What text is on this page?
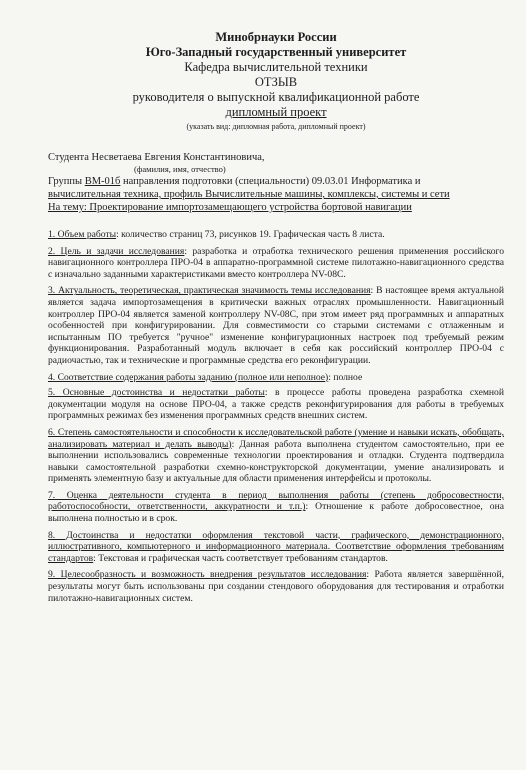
Минобрнауки России
Юго-Западный государственный университет
Кафедра вычислительной техники
ОТЗЫВ
руководителя о выпускной квалификационной работе
дипломный проект
(указать вид: дипломная работа, дипломный проект)

Студента Несветаева Евгения Константиновича,

(фамилия, имя, отчество)

Группы ВМ-01б направления подготовки (специальности) 09.03.01 Информатика и

вычислительная техника, профиль Вычислительные машины, комплексы, системы и сети

На тему: Проектирование импортозамещающего устройства бортовой навигации

1. Объем работы: количество страниц 73, рисунков 19. Графическая часть 8 листа.

2. Цель и задачи исследования: разработка и отработка технического решения применения российского навигационного контроллера ПРО-04 в аппаратно-программной системе пилотажно-навигационного средства с изначально заданными характеристиками вместо контроллера NV-08C.

3. Актуальность, теоретическая, практическая значимость темы исследования: В настоящее время актуальной является задача импортозамещения в критически важных отраслях промышленности. Навигационный контроллер ПРО-04 является заменой контроллеру NV-08C, при этом имеет ряд программных и аппаратных особенностей при конфигурировании. Для совместимости со старыми системами с отлаженным и испытанным ПО требуется "ручное" изменение конфигурационных настроек под требуемый режим функционирования. Разработанный модуль включает в себя как российский контроллер ПРО-04 с радиочастью, так и технические и программные средства его реконфигурации.

4. Соответствие содержания работы заданию (полное или неполное): полное

5. Основные достоинства и недостатки работы: в процессе работы проведена разработка схемной документации модуля на основе ПРО-04, а также средств реконфигурирования для работы в требуемых программных режимах без изменения программных средств внешних систем.

6. Степень самостоятельности и способности к исследовательской работе (умение и навыки искать, обобщать, анализировать материал и делать выводы): Данная работа выполнена студентом самостоятельно, при ее выполнении использовались современные технологии проектирования и отладки. Студента подтвердила навыки самостоятельной разработки схемно-конструкторской документации, умение анализировать и применять элементную базу и актуальные для области применения интерфейсы и протоколы.

7. Оценка деятельности студента в период выполнения работы (степень добросовестности, работоспособности, ответственности, аккуратности и т.п.): Отношение к работе добросовестное, она выполнена полностью и в срок.

8. Достоинства и недостатки оформления текстовой части, графического, демонстрационного, иллюстративного, компьютерного и информационного материала. Соответствие оформления требованиям стандартов: Текстовая и графическая часть соответствует требованиям стандартов.

9. Целесообразность и возможность внедрения результатов исследования: Работа является завершённой, результаты могут быть использованы при создании стендового оборудования для тестирования и отработки пилотажно-навигационных систем.
